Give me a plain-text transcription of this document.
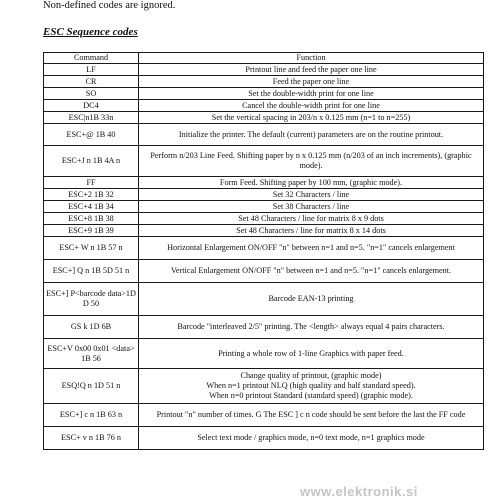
Non-defined codes are ignored.
ESC Sequence codes
Command	Function
LF	Printout line and feed the paper one line
CR	Feed the paper one line
SO	Set the double-width print for one line
DC4	Cancel the double-width print for one line
ESC|n1B 33n	Set the vertical spacing in 203/n x 0.125 mm (n=1 to n=255)
ESC+@ 1B 40	Initialize the printer. The default (current) parameters are on the routine printout.
ESC+J n 1B 4A n	Perform n/203 Line Feed. Shifting paper by n x 0.125 mm (n/203 of an inch increments), (graphic mode).
FF	Form Feed. Shifting paper by 100 mm, (graphic mode).
ESC+2 1B 32	Set 32 Characters / line
ESC+4 1B 34	Set 38 Characters / line
ESC+8 1B 38	Set 48 Characters / line for matrix 8 x 9 dots
ESC+9 1B 39	Set 48 Characters / line for matrix 8 x 14 dots
ESC+ W n 1B 57 n	Horizontal Enlargement ON/OFF "n" between n=1 and n=5. "n=1" cancels enlargement
ESC+] Q n 1B 5D 51 n	Vertical Enlargement ON/OFF "n" between n=1 and n=5. "n=1" cancels enlargement.
ESC+] P<barcode data>1D D 50	Barcode EAN-13 printing
GS k 1D 6B	Barcode "interleaved 2/5" printing. The <length> always equal 4 pairs characters.
ESC+V 0x00 0x01 <data> 1B 56	Printing a whole row of 1-line Graphics with paper feed.
ESQ!Q n 1D 51 n	Change quality of printout, (graphic mode)
When n=1 printout NLQ (high quality and half standard speed).
When n=0 printout Standard (standard speed) (graphic mode).
ESC+] c n 1B 63 n	Printout "n" number of times. G The ESC ] c n code should be sent before the last the FF code
ESC+ v n 1B 76 n	Select text mode / graphics mode, n=0 text mode, n=1 graphics mode
www.elektronik.si
